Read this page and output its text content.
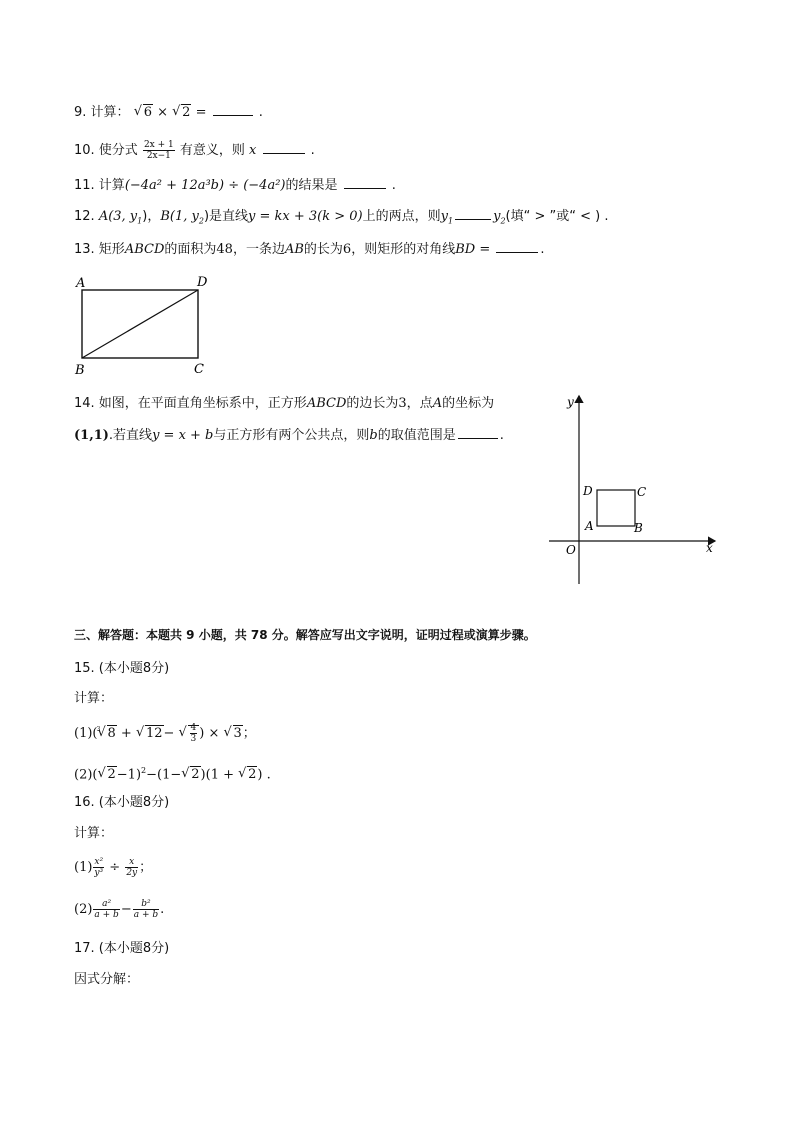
9. 计算： √ 6 × √ 2 =	.
10. 使分式 $\frac{2x + 1}{2x-1}$ 有意义，则 x	.
11. 计算(−4a² + 12a³b) ÷ (−4a²)的结果是	.
12. A(3, $y_1$)，B(1, $y_2$)是直线y = kx + 3(k > 0)上的两点，则$y_1$	$y_2$(填“ > ”或“ < ) .
13. 矩形ABCD的面积为48，一条边AB的长为6，则矩形的对角线BD =	.
A	D
B	C
14. 如图，在平面直角坐标系中，正方形ABCD的边长为3，点A的坐标为
(1,1).若直线y = x + b与正方形有两个公共点，则b的取值范围是	.
y
x
O
D	C
A	B
三、解答题：本题共 9 小题，共 78 分。解答应写出文字说明，证明过程或演算步骤。
15. (本小题8分)
计算：
(1)( √ 3 8 + √ 12− √ $\frac{4}{3}$ ) × √ 3；
(2)( √ 2−1)$^2$−(1− √ 2)(1 + √ 2) .
16. (本小题8分)
计算：
$(1) \frac{\text{x²}}{\text{y³}} \div \frac{x}{2y}$ ；
$(2) \frac{\text{a²}}{a + b} - \frac{\text{b²}}{a + b}$ .
17. (本小题8分)
因式分解：
